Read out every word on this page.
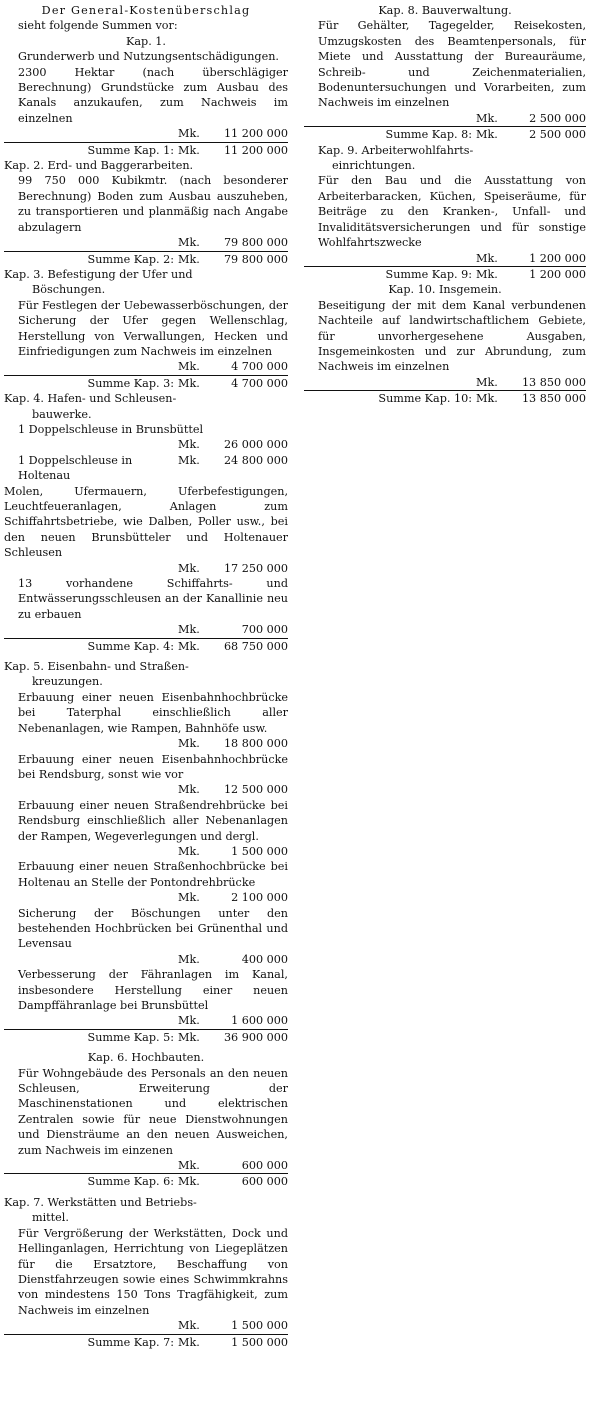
Der General-Kostenüberschlag

sieht folgende Summen vor:

Kap. 1.

Grunderwerb und Nutzungsentschädigungen.

2300 Hektar (nach überschlägiger Berechnung) Grundstücke zum Ausbau des Kanals anzukaufen, zum Nachweis im einzelnen
Mk.	11 200 000
Summe Kap. 1: Mk.	11 200 000

Kap. 2. Erd- und Baggerarbeiten.

99 750 000 Kubikmtr. (nach besonderer Berechnung) Boden zum Ausbau auszuheben, zu transportieren und planmäßig nach Angabe abzulagern

Mk.	79 800 000
Summe Kap. 2: Mk.	79 800 000

Kap. 3. Befestigung der Ufer und

Böschungen.

Für Festlegen der Uebewasserböschungen, der Sicherung der Ufer gegen Wellenschlag, Herstellung von Verwallungen, Hecken und Einfriedigungen zum Nachweis im einzelnen

Mk.	4 700 000
Summe Kap. 3: Mk.	4 700 000

Kap. 4. Hafen- und Schleusen-

bauwerke.

1 Doppelschleuse in Brunsbüttel

Mk.	26 000 000
1 Doppelschleuse in Holtenau
Mk.	24 800 000

Molen, Ufermauern, Uferbefestigungen, Leuchtfeueranlagen, Anlagen zum Schiffahrtsbetriebe, wie Dalben, Poller usw., bei den neuen Brunsbütteler und Holtenauer Schleusen

Mk.	17 250 000

13 vorhandene Schiffahrts- und Entwässerungsschleusen an der Kanallinie neu zu erbauen

Mk.	700 000
Summe Kap. 4: Mk.	68 750 000

Kap. 5. Eisenbahn- und Straßen-

kreuzungen.

Erbauung einer neuen Eisenbahnhochbrücke bei Taterphal einschließlich aller Nebenanlagen, wie Rampen, Bahnhöfe usw.

Mk.	18 800 000

Erbauung einer neuen Eisenbahnhochbrücke bei Rendsburg, sonst wie vor

Mk.	12 500 000

Erbauung einer neuen Straßendrehbrücke bei Rendsburg einschließlich aller Nebenanlagen der Rampen, Wegeverlegungen und dergl.

Mk.	1 500 000

Erbauung einer neuen Straßenhochbrücke bei Holtenau an Stelle der Pontondrehbrücke

Mk.	2 100 000

Sicherung der Böschungen unter den bestehenden Hochbrücken bei Grünenthal und Levensau

Mk.	400 000

Verbesserung der Fähranlagen im Kanal, insbesondere Herstellung einer neuen Dampffähranlage bei Brunsbüttel

Mk.	1 600 000
Summe Kap. 5: Mk.	36 900 000

Kap. 6. Hochbauten.

Für Wohngebäude des Personals an den neuen Schleusen, Erweiterung der Maschinenstationen und elektrischen Zentralen sowie für neue Dienstwohnungen und Diensträume an den neuen Ausweichen, zum Nachweis im einzenen

Mk.	600 000
Summe Kap. 6: Mk.	600 000

Kap. 7. Werkstätten und Betriebs-

mittel.

Für Vergrößerung der Werkstätten, Dock und Hellinganlagen, Herrichtung von Liegeplätzen für die Ersatztore, Beschaffung von Dienstfahrzeugen sowie eines Schwimmkrahns von mindestens 150 Tons Tragfähigkeit, zum Nachweis im einzelnen

Mk.	1 500 000
Summe Kap. 7: Mk.	1 500 000

Kap. 8. Bauverwaltung.

Für Gehälter, Tagegelder, Reisekosten, Umzugskosten des Beamtenpersonals, für Miete und Ausstattung der Bureauräume, Schreib- und Zeichenmaterialien, Bodenuntersuchungen und Vorarbeiten, zum Nachweis im einzelnen

Mk.	2 500 000
Summe Kap. 8: Mk.	2 500 000

Kap. 9. Arbeiterwohlfahrts-

einrichtungen.

Für den Bau und die Ausstattung von Arbeiterbaracken, Küchen, Speiseräume, für Beiträge zu den Kranken-, Unfall- und Invaliditätsversicherungen und für sonstige Wohlfahrtszwecke

Mk.	1 200 000
Summe Kap. 9: Mk.	1 200 000

Kap. 10. Insgemein.

Beseitigung der mit dem Kanal verbundenen Nachteile auf landwirtschaftlichem Gebiete, für unvorhergesehene Ausgaben, Insgemeinkosten und zur Abrundung, zum Nachweis im einzelnen

Mk.	13 850 000
Summe Kap. 10: Mk.	13 850 000
